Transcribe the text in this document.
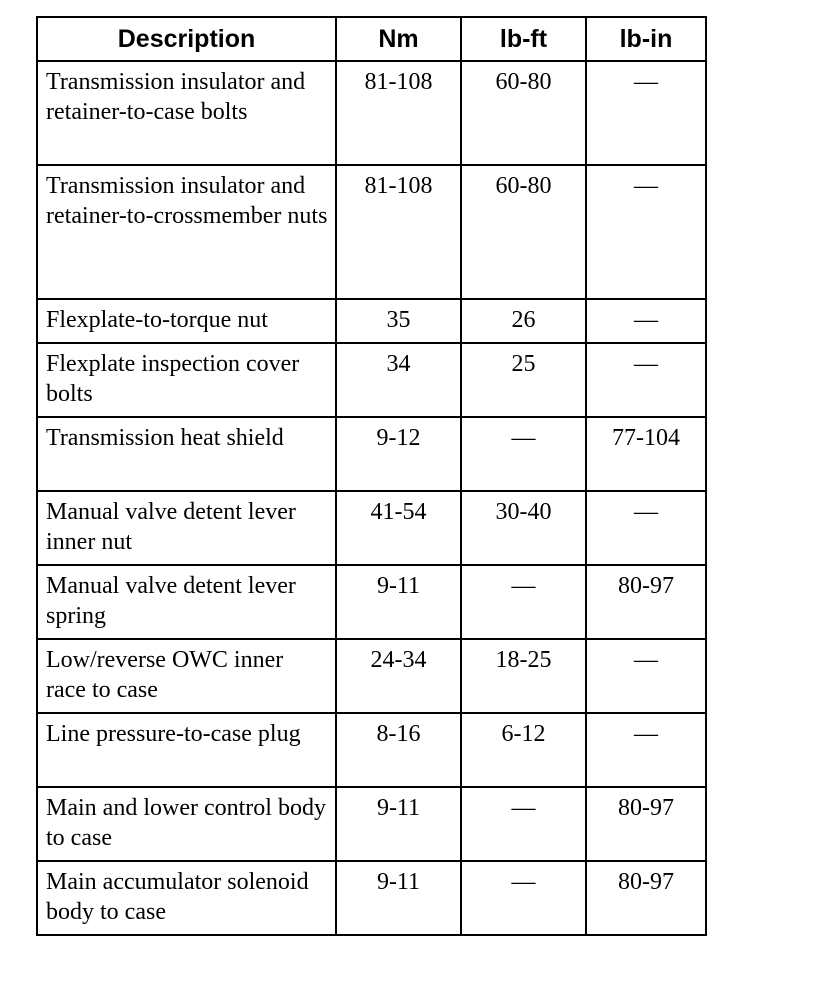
Description	Nm	lb-ft	lb-in
Transmission insulator and retainer-to-case bolts	81-108	60-80	—
Transmission insulator and retainer-to-crossmember nuts	81-108	60-80	—
Flexplate-to-torque nut	35	26	—
Flexplate inspection cover bolts	34	25	—
Transmission heat shield	9-12	—	77-104
Manual valve detent lever inner nut	41-54	30-40	—
Manual valve detent lever spring	9-11	—	80-97
Low/reverse OWC inner race to case	24-34	18-25	—
Line pressure-to-case plug	8-16	6-12	—
Main and lower control body to case	9-11	—	80-97
Main accumulator solenoid body to case	9-11	—	80-97
